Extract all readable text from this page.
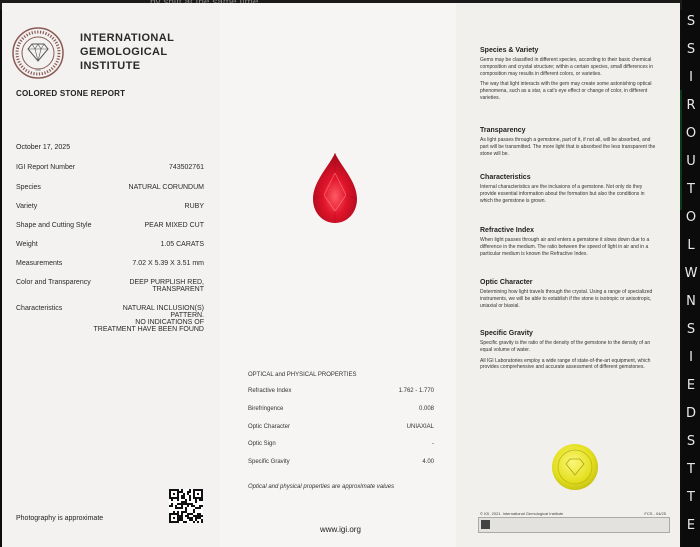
S
S
I
R
O
U
T
O
L
W
N
S
I
E
D
S
T
T
E
IGI
INTERNATIONAL
GEMOLOGICAL
INSTITUTE
COLORED STONE REPORT
October 17, 2025
IGI Report Number	743502761
Species	NATURAL CORUNDUM
Variety	RUBY
Shape and Cutting Style	PEAR MIXED CUT
Weight	1.05 CARATS
Measurements	7.02 X 5.39 X 3.51 mm
Color and Transparency	DEEP PURPLISH RED,
TRANSPARENT
Characteristics	NATURAL INCLUSION(S)
PATTERN.
NO INDICATIONS OF
TREATMENT HAVE BEEN FOUND
Photography is approximate
OPTICAL and PHYSICAL PROPERTIES
Refractive Index	1.762 - 1.770
Birefringence	0.008
Optic Character	UNIAXIAL
Optic Sign	-
Specific Gravity	4.00
Optical and physical properties are approximate values
www.igi.org
Species & Variety

Gems may be classified in different species, according to their basic chemical composition and crystal structure; within a certain species, small differences in composition may results in different colors, or varieties.

The way that light interacts with the gem may create some astonishing optical phenomena, such as a star, a cat's eye effect or change of color, in different varieties.

Transparency

As light passes through a gemstone, part of it, if not all, will be absorbed, and part will be transmitted. The more light that is absorbed the less transparent the stone will be.

Characteristics

Internal characteristics are the inclusions of a gemstone. Not only do they provide essential information about the formation but also the conditions in which the gemstone is grown.

Refractive Index

When light passes through air and enters a gemstone it slows down due to a difference in the medium. The ratio between the speed of light in air and in a particular medium is known the Refractive Index.

Optic Character

Determining how light travels through the crystal. Using a range of specialized instruments, we will be able to establish if the stone is isotropic or anisotropic, uniaxial or biaxial.

Specific Gravity

Specific gravity is the ratio of the density of the gemstone to the density of an equal volume of water.

All IGI Laboratories employ a wide range of state-of-the-art equipment, which provides comprehensive and accurate assessment of different gemstones.

© IGI, 2021. International Gemological Institute	FCS - 04/25
